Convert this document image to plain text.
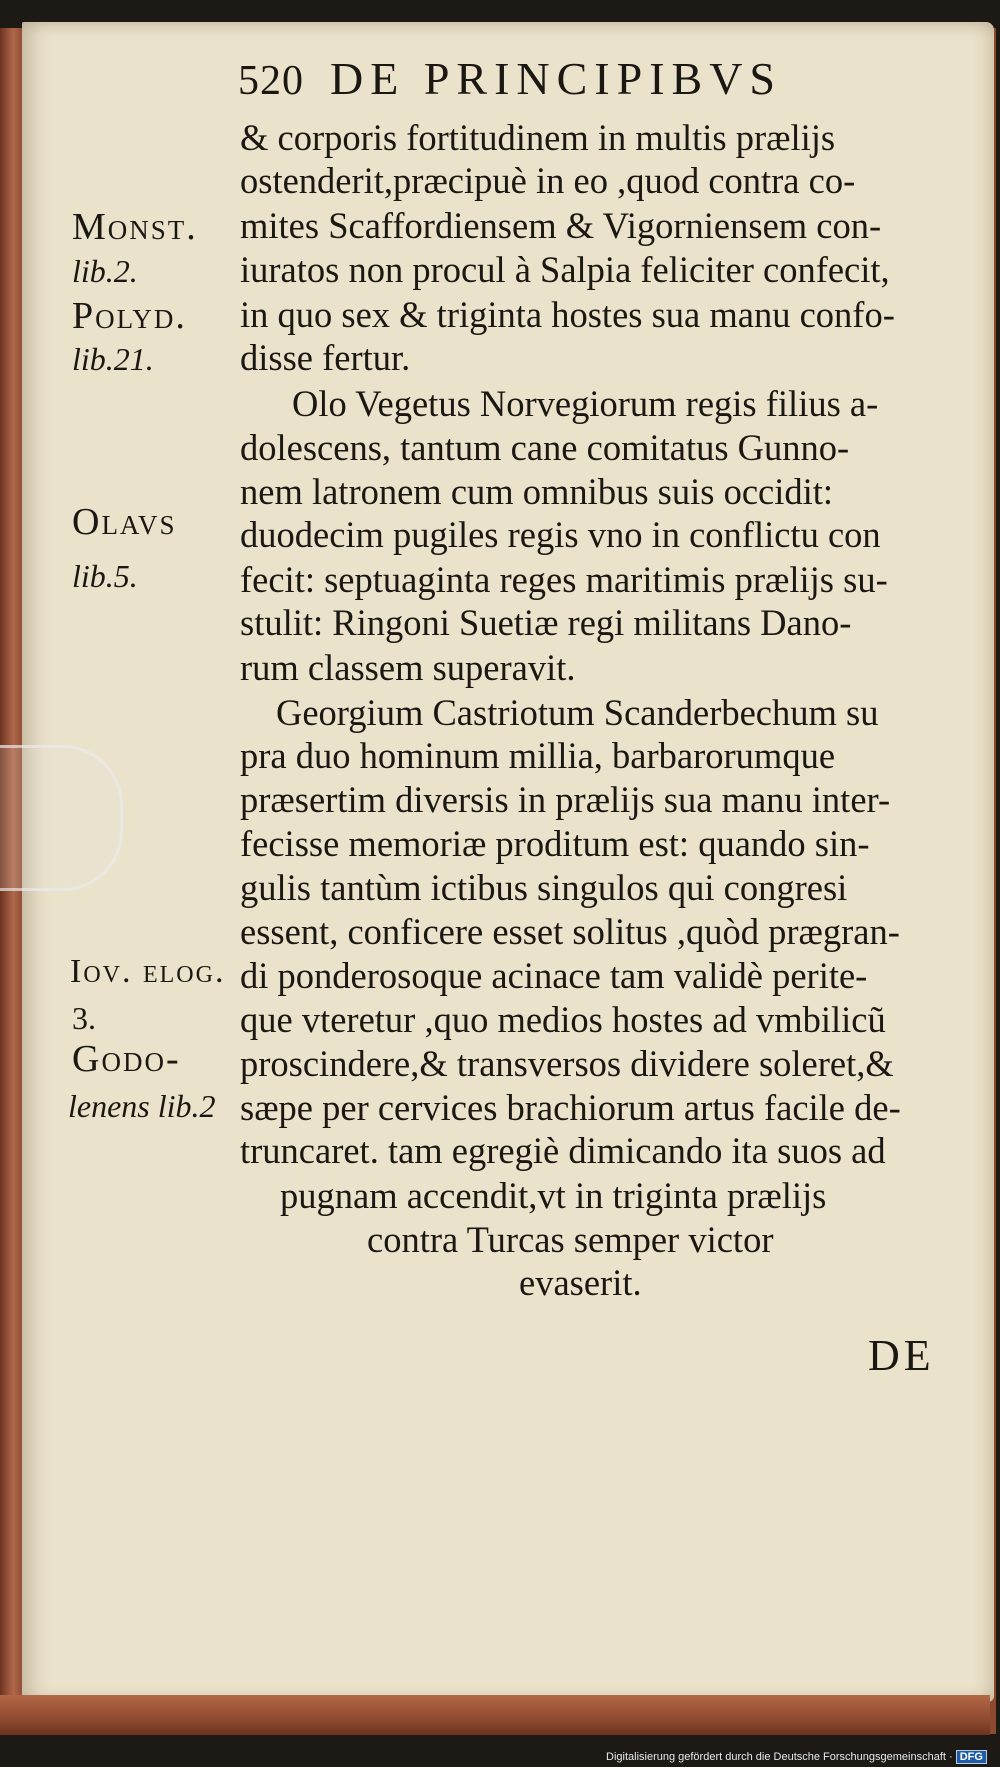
520 DE PRINCIPIBVS
& corporis fortitudinem in multis prælijs
ostenderit,præcipuè in eo ,quod contra co-
mites Scaffordiensem & Vigorniensem con-
iuratos non procul à Salpia feliciter confecit,
in quo sex & triginta hostes sua manu confo-
disse fertur.
Olo Vegetus Norvegiorum regis filius a-
dolescens, tantum cane comitatus Gunno-
nem latronem cum omnibus suis occidit:
duodecim pugiles regis vno in conflictu con
fecit: septuaginta reges maritimis prælijs su-
stulit: Ringoni Suetiæ regi militans Dano-
rum classem superavit.
Georgium Castriotum Scanderbechum su
pra duo hominum millia, barbarorumque
præsertim diversis in prælijs sua manu inter-
fecisse memoriæ proditum est: quando sin-
gulis tantùm ictibus singulos qui congresi
essent, conficere esset solitus ,quòd prægran-
di ponderosoque acinace tam validè perite-
que vteretur ,quo medios hostes ad vmbilicũ
proscindere,& transversos dividere soleret,&
sæpe per cervices brachiorum artus facile de-
truncaret. tam egregiè dimicando ita suos ad
pugnam accendit,vt in triginta prælijs
contra Turcas semper victor
evaserit.
Monst.
lib.2.
Polyd.
lib.21.
Olavs
lib.5.
Iov. elog.
3.
Godo-
lenens lib.2
DE
Digitalisierung gefördert durch die Deutsche Forschungsgemeinschaft · DFG
